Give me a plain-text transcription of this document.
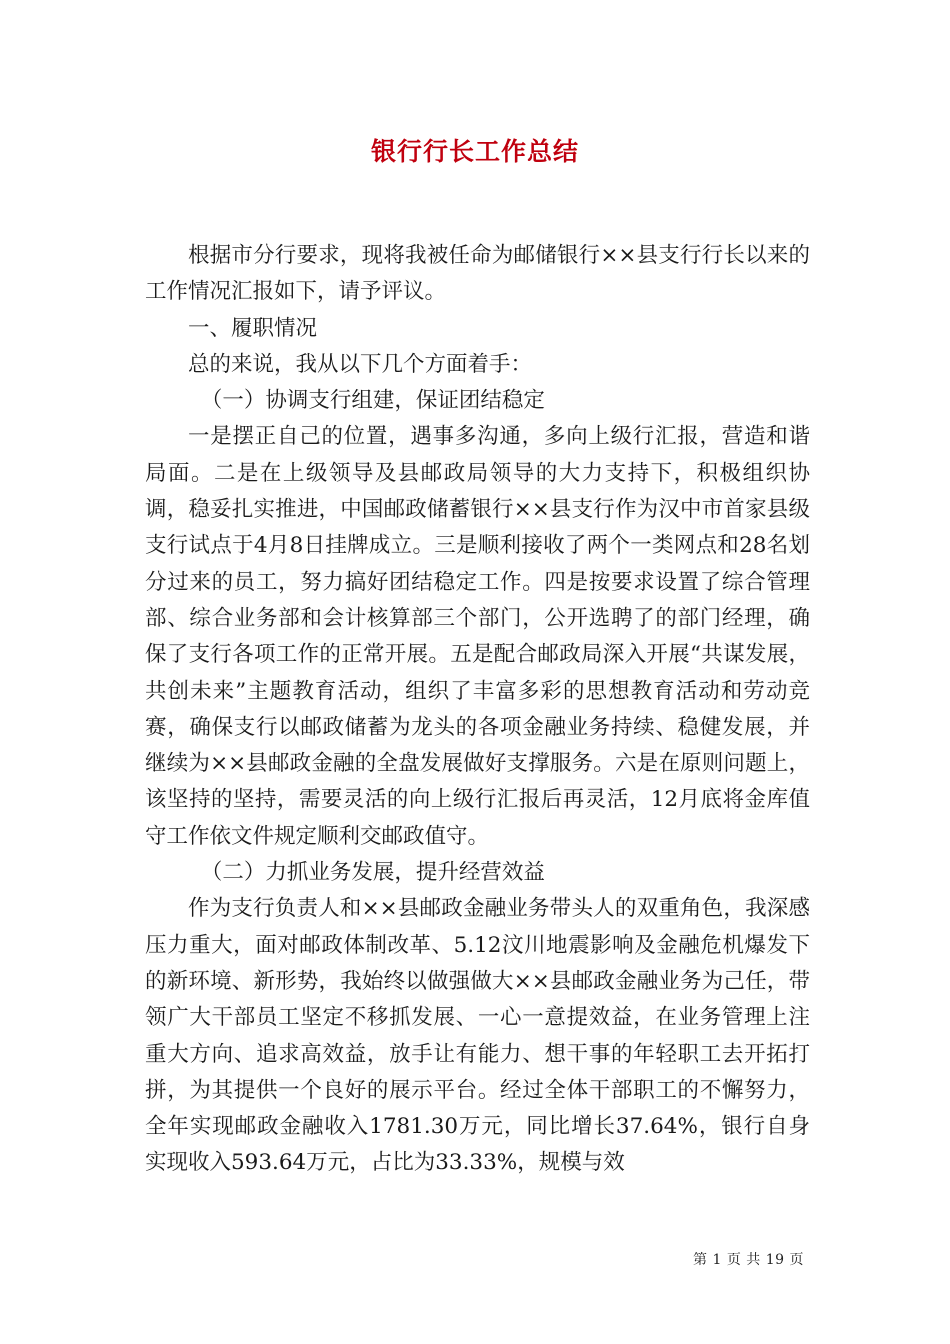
银行行长工作总结

根据市分行要求，现将我被任命为邮储银行××县支行行长以来的工作情况汇报如下，请予评议。

一、履职情况

总的来说，我从以下几个方面着手：

（一）协调支行组建，保证团结稳定

一是摆正自己的位置，遇事多沟通，多向上级行汇报，营造和谐局面。二是在上级领导及县邮政局领导的大力支持下，积极组织协调，稳妥扎实推进，中国邮政储蓄银行××县支行作为汉中市首家县级支行试点于4月8日挂牌成立。三是顺利接收了两个一类网点和28名划分过来的员工，努力搞好团结稳定工作。四是按要求设置了综合管理部、综合业务部和会计核算部三个部门，公开选聘了的部门经理，确保了支行各项工作的正常开展。五是配合邮政局深入开展“共谋发展，共创未来”主题教育活动，组织了丰富多彩的思想教育活动和劳动竞赛，确保支行以邮政储蓄为龙头的各项金融业务持续、稳健发展，并继续为××县邮政金融的全盘发展做好支撑服务。六是在原则问题上，该坚持的坚持，需要灵活的向上级行汇报后再灵活，12月底将金库值守工作依文件规定顺利交邮政值守。

（二）力抓业务发展，提升经营效益

作为支行负责人和××县邮政金融业务带头人的双重角色，我深感压力重大，面对邮政体制改革、5.12汶川地震影响及金融危机爆发下的新环境、新形势，我始终以做强做大××县邮政金融业务为己任，带领广大干部员工坚定不移抓发展、一心一意提效益，在业务管理上注重大方向、追求高效益，放手让有能力、想干事的年轻职工去开拓打拼，为其提供一个良好的展示平台。经过全体干部职工的不懈努力，全年实现邮政金融收入1781.30万元，同比增长37.64%，银行自身实现收入593.64万元，占比为33.33%，规模与效

第 1 页 共 19 页
